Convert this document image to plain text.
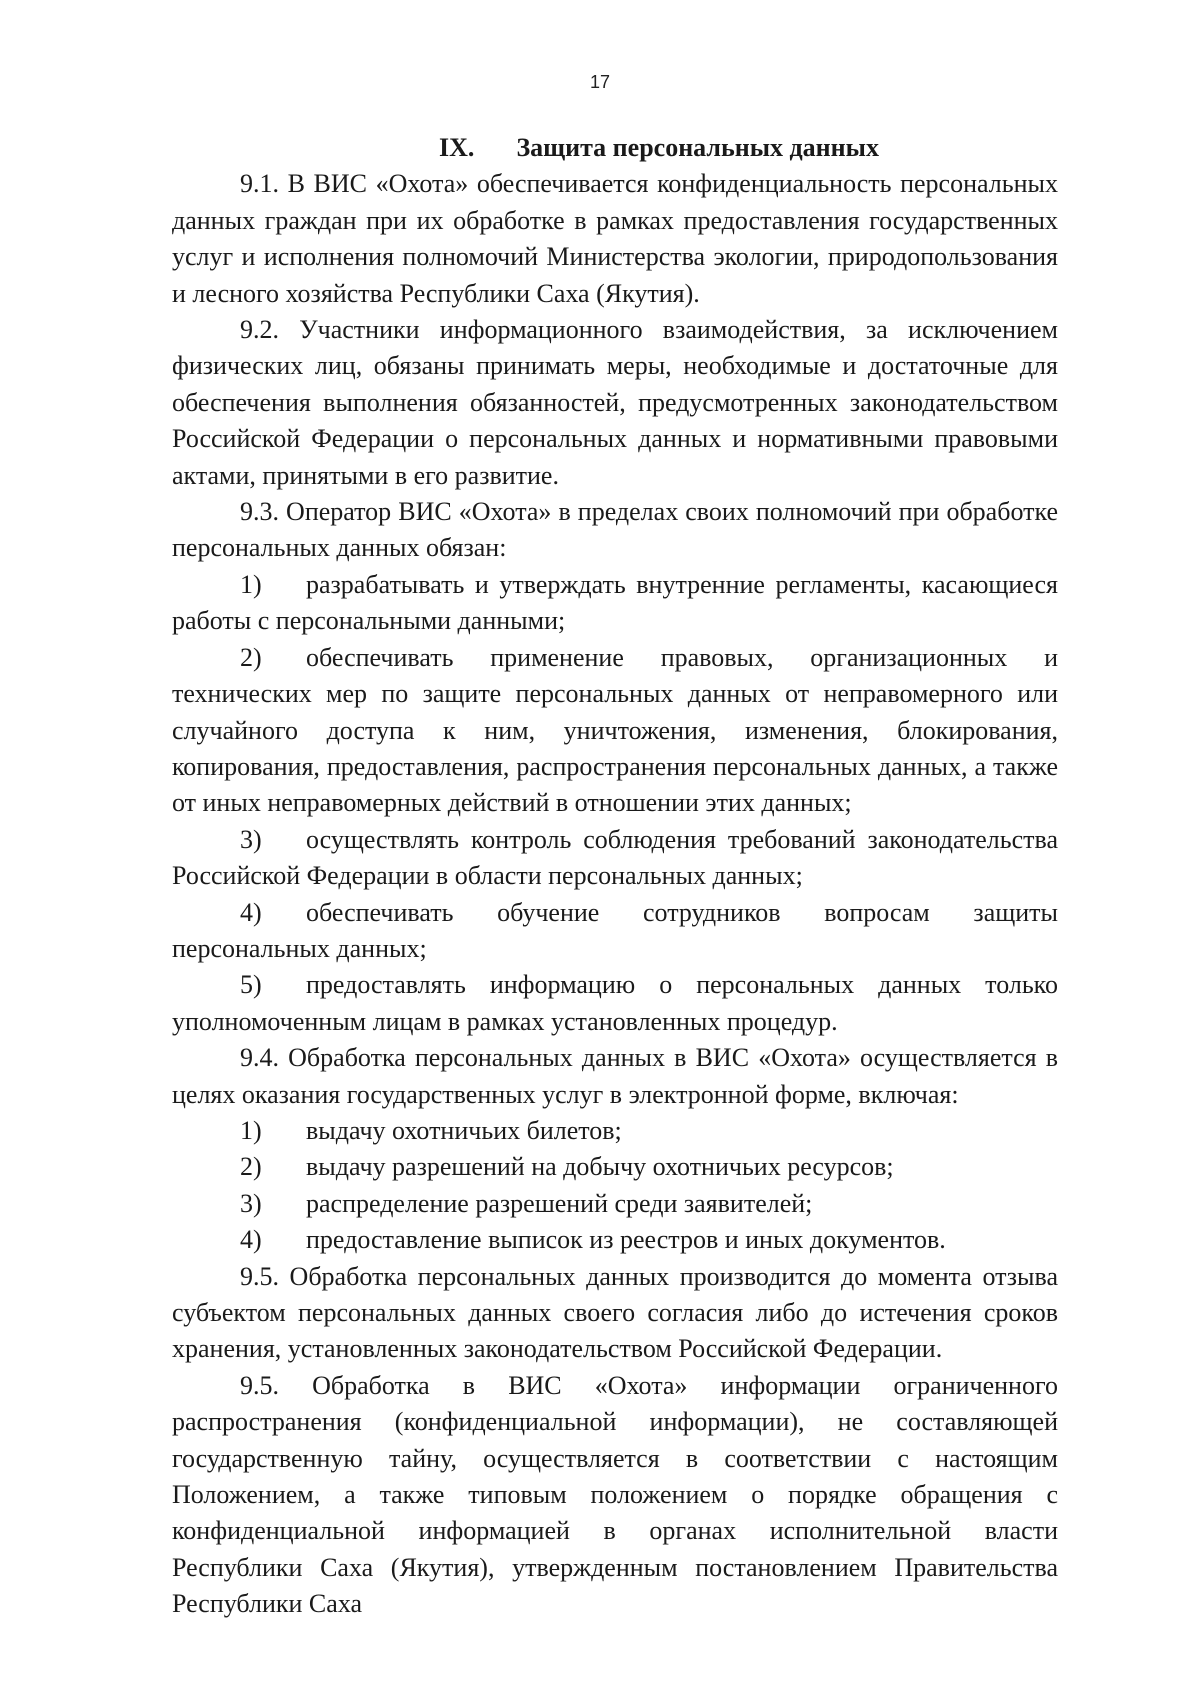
17

IX. Защита персональных данных

9.1. В ВИС «Охота» обеспечивается конфиденциальность персональных данных граждан при их обработке в рамках предоставления государственных услуг и исполнения полномочий Министерства экологии, природопользования и лесного хозяйства Республики Саха (Якутия).

9.2. Участники информационного взаимодействия, за исключением физических лиц, обязаны принимать меры, необходимые и достаточные для обеспечения выполнения обязанностей, предусмотренных законодательством Российской Федерации о персональных данных и нормативными правовыми актами, принятыми в его развитие.

9.3. Оператор ВИС «Охота» в пределах своих полномочий при обработке персональных данных обязан:

1) разрабатывать и утверждать внутренние регламенты, касающиеся работы с персональными данными;

2) обеспечивать применение правовых, организационных и технических мер по защите персональных данных от неправомерного или случайного доступа к ним, уничтожения, изменения, блокирования, копирования, предоставления, распространения персональных данных, а также от иных неправомерных действий в отношении этих данных;

3) осуществлять контроль соблюдения требований законодательства Российской Федерации в области персональных данных;

4) обеспечивать обучение сотрудников вопросам защиты персональных данных;

5) предоставлять информацию о персональных данных только уполномоченным лицам в рамках установленных процедур.

9.4. Обработка персональных данных в ВИС «Охота» осуществляется в целях оказания государственных услуг в электронной форме, включая:

1) выдачу охотничьих билетов;

2) выдачу разрешений на добычу охотничьих ресурсов;

3) распределение разрешений среди заявителей;

4) предоставление выписок из реестров и иных документов.

9.5. Обработка персональных данных производится до момента отзыва субъектом персональных данных своего согласия либо до истечения сроков хранения, установленных законодательством Российской Федерации.

9.5. Обработка в ВИС «Охота» информации ограниченного распространения (конфиденциальной информации), не составляющей государственную тайну, осуществляется в соответствии с настоящим Положением, а также типовым положением о порядке обращения с конфиденциальной информацией в органах исполнительной власти Республики Саха (Якутия), утвержденным постановлением Правительства Республики Саха
